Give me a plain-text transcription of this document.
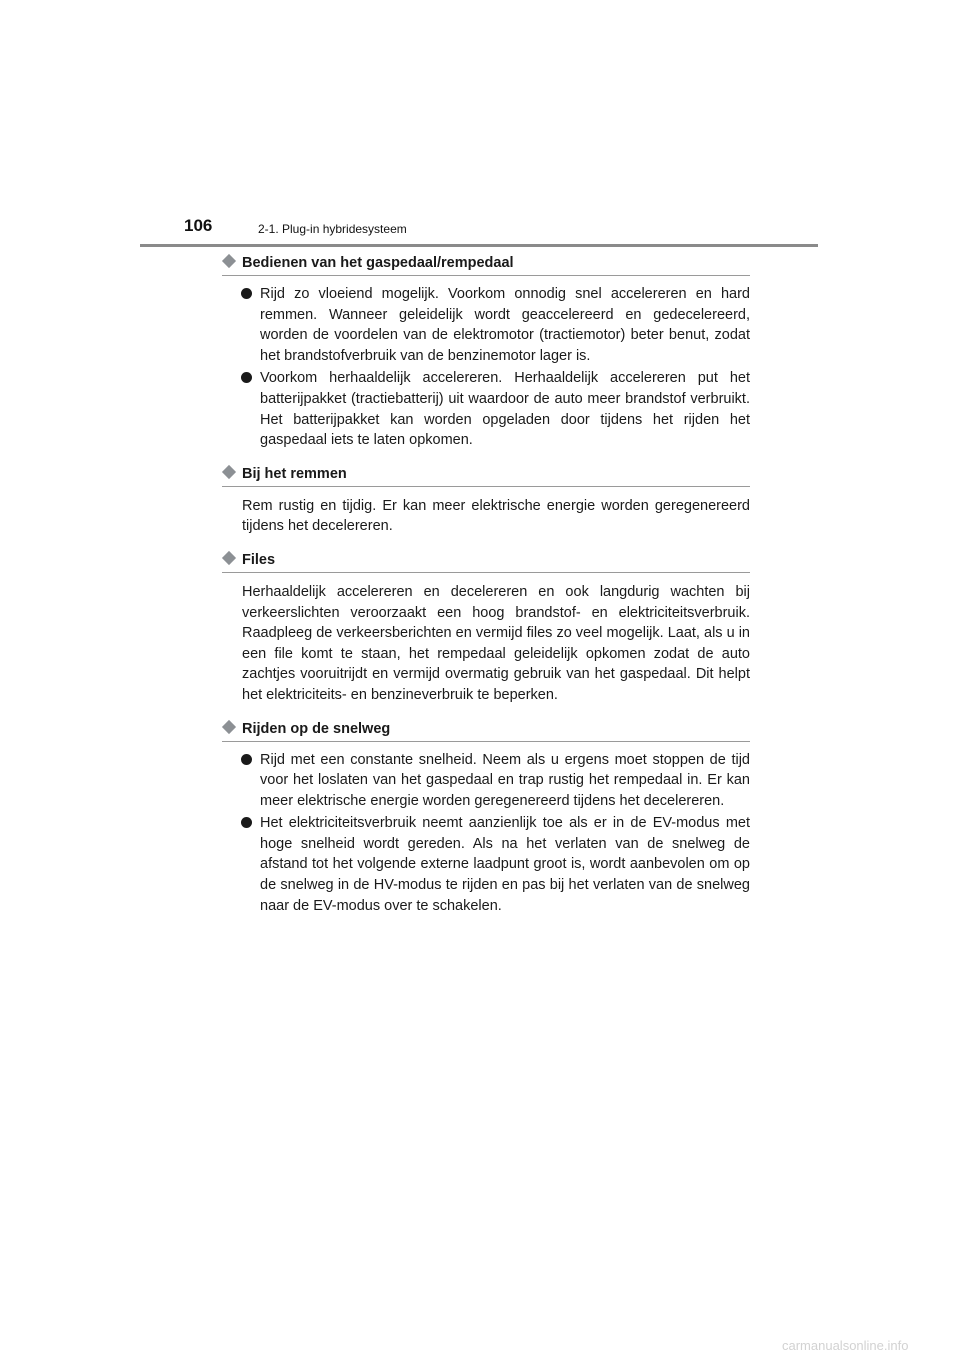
106	2-1. Plug-in hybridesysteem
Bedienen van het gaspedaal/rempedaal
Rijd zo vloeiend mogelijk. Voorkom onnodig snel accelereren en hard remmen. Wanneer geleidelijk wordt geaccelereerd en gedecelereerd, worden de voordelen van de elektromotor (tractiemotor) beter benut, zodat het brandstofverbruik van de benzinemotor lager is.
Voorkom herhaaldelijk accelereren. Herhaaldelijk accelereren put het batterijpakket (tractiebatterij) uit waardoor de auto meer brandstof verbruikt. Het batterijpakket kan worden opgeladen door tijdens het rijden het gaspedaal iets te laten opkomen.
Bij het remmen

Rem rustig en tijdig. Er kan meer elektrische energie worden geregenereerd tijdens het decelereren.

Files

Herhaaldelijk accelereren en decelereren en ook langdurig wachten bij verkeerslichten veroorzaakt een hoog brandstof- en elektriciteitsverbruik. Raadpleeg de verkeersberichten en vermijd files zo veel mogelijk. Laat, als u in een file komt te staan, het rempedaal geleidelijk opkomen zodat de auto zachtjes vooruitrijdt en vermijd overmatig gebruik van het gaspedaal. Dit helpt het elektriciteits- en benzineverbruik te beperken.

Rijden op de snelweg
Rijd met een constante snelheid. Neem als u ergens moet stoppen de tijd voor het loslaten van het gaspedaal en trap rustig het rempedaal in. Er kan meer elektrische energie worden geregenereerd tijdens het decelereren.
Het elektriciteitsverbruik neemt aanzienlijk toe als er in de EV-modus met hoge snelheid wordt gereden. Als na het verlaten van de snelweg de afstand tot het volgende externe laadpunt groot is, wordt aanbevolen om op de snelweg in de HV-modus te rijden en pas bij het verlaten van de snelweg naar de EV-modus over te schakelen.
carmanualsonline.info
